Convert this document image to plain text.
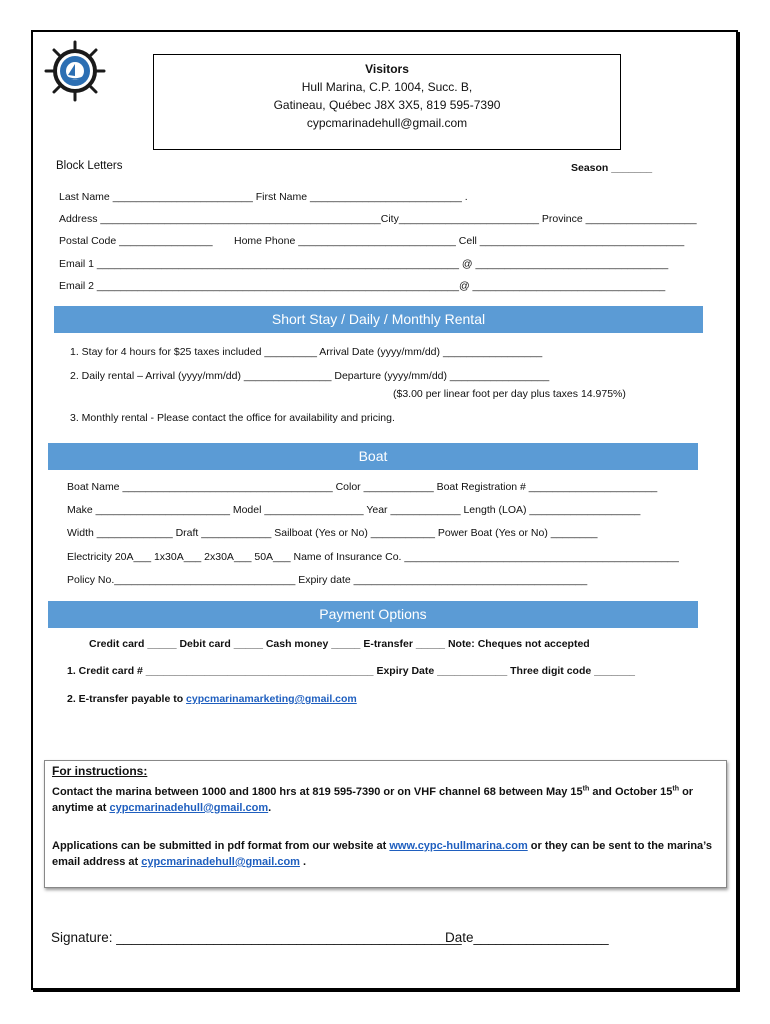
Visitors
Hull Marina, C.P. 1004, Succ. B,
Gatineau, Québec J8X 3X5, 819 595-7390
cypcmarinadehull@gmail.com
Block Letters	Season _______
Last Name ________________________ First Name __________________________ .
Address ________________________________________________City________________________ Province ___________________
Postal Code ________________ Home Phone ___________________________ Cell ___________________________________
Email 1 ______________________________________________________________ @ _________________________________
Email 2 ______________________________________________________________@ _________________________________
Short Stay / Daily / Monthly Rental
1. Stay for 4 hours for $25 taxes included _________ Arrival Date (yyyy/mm/dd) _________________
2. Daily rental – Arrival (yyyy/mm/dd) _______________ Departure (yyyy/mm/dd) _________________
($3.00 per linear foot per day plus taxes 14.975%)
3. Monthly rental - Please contact the office for availability and pricing.
Boat
Boat Name ____________________________________ Color ____________ Boat Registration # ______________________
Make _______________________ Model _________________ Year ____________ Length (LOA) ___________________
Width _____________ Draft ____________ Sailboat (Yes or No) ___________ Power Boat (Yes or No) ________
Electricity 20A___ 1x30A___ 2x30A___ 50A___ Name of Insurance Co. _______________________________________________
Policy No._______________________________ Expiry date ________________________________________
Payment Options
Credit card _____ Debit card _____ Cash money _____ E-transfer _____ Note: Cheques not accepted
1. Credit card # _______________________________________ Expiry Date ____________ Three digit code _______
2. E-transfer payable to cypcmarinamarketing@gmail.com
For instructions:
Contact the marina between 1000 and 1800 hrs at 819 595-7390 or on VHF channel 68 between May 15th and October 15th or
anytime at cypcmarinadehull@gmail.com.
Applications can be submitted in pdf format from our website at www.cypc-hullmarina.com or they can be sent to the marina’s
email address at cypcmarinadehull@gmail.com .
Signature: ______________________________________________
Date__________________
